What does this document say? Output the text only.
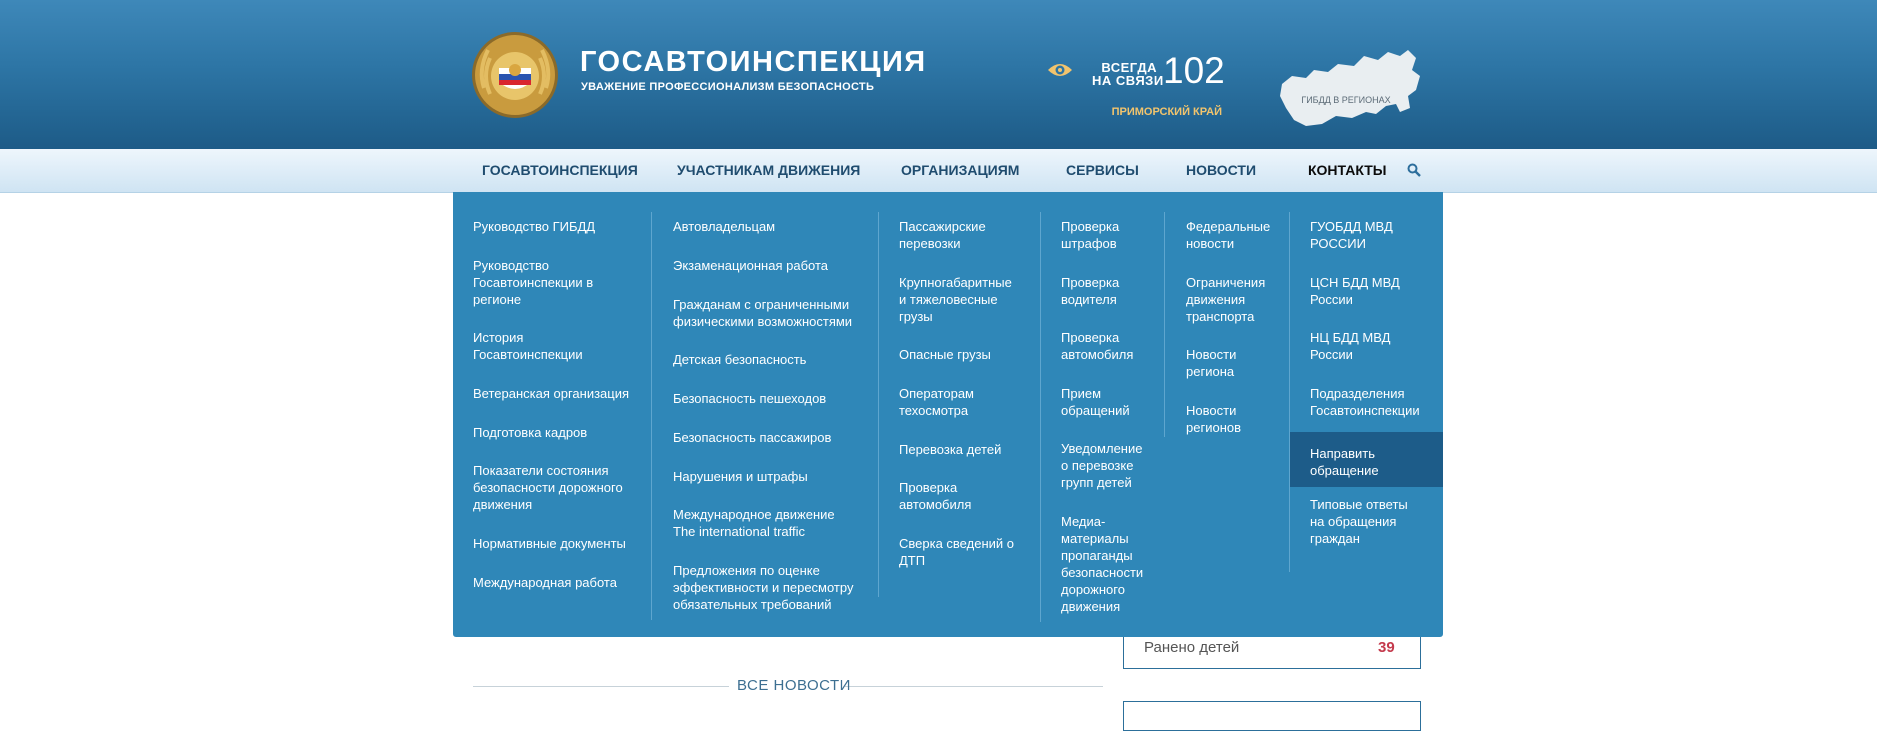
ГОСАВТОИНСПЕКЦИЯ
УВАЖЕНИЕ ПРОФЕССИОНАЛИЗМ БЕЗОПАСНОСТЬ
ВСЕГДА
НА СВЯЗИ 102
ПРИМОРСКИЙ КРАЙ
ГИБДД В РЕГИОНАХ
ГОСАВТОИНСПЕКЦИЯ	УЧАСТНИКАМ ДВИЖЕНИЯ	ОРГАНИЗАЦИЯМ	СЕРВИСЫ	НОВОСТИ	КОНТАКТЫ
Ранено детей	39
ВСЕ НОВОСТИ
Руководство ГИБДД
Руководство
Госавтоинспекции в
регионе
История
Госавтоинспекции
Ветеранская организация
Подготовка кадров
Показатели состояния
безопасности дорожного
движения
Нормативные документы
Международная работа
Автовладельцам
Экзаменационная работа
Гражданам с ограниченными
физическими возможностями
Детская безопасность
Безопасность пешеходов
Безопасность пассажиров
Нарушения и штрафы
Международное движение
The international traffic
Предложения по оценке
эффективности и пересмотру
обязательных требований
Пассажирские
перевозки
Крупногабаритные
и тяжеловесные
грузы
Опасные грузы
Операторам
техосмотра
Перевозка детей
Проверка
автомобиля
Сверка сведений о
ДТП
Проверка
штрафов
Проверка
водителя
Проверка
автомобиля
Прием
обращений
Уведомление
о перевозке
групп детей
Медиа-
материалы
пропаганды
безопасности
дорожного
движения
Федеральные
новости
Ограничения
движения
транспорта
Новости
региона
Новости
регионов
ГУОБДД МВД
РОССИИ
ЦСН БДД МВД
России
НЦ БДД МВД
России
Подразделения
Госавтоинспекции
Направить
обращение
Типовые ответы
на обращения
граждан
